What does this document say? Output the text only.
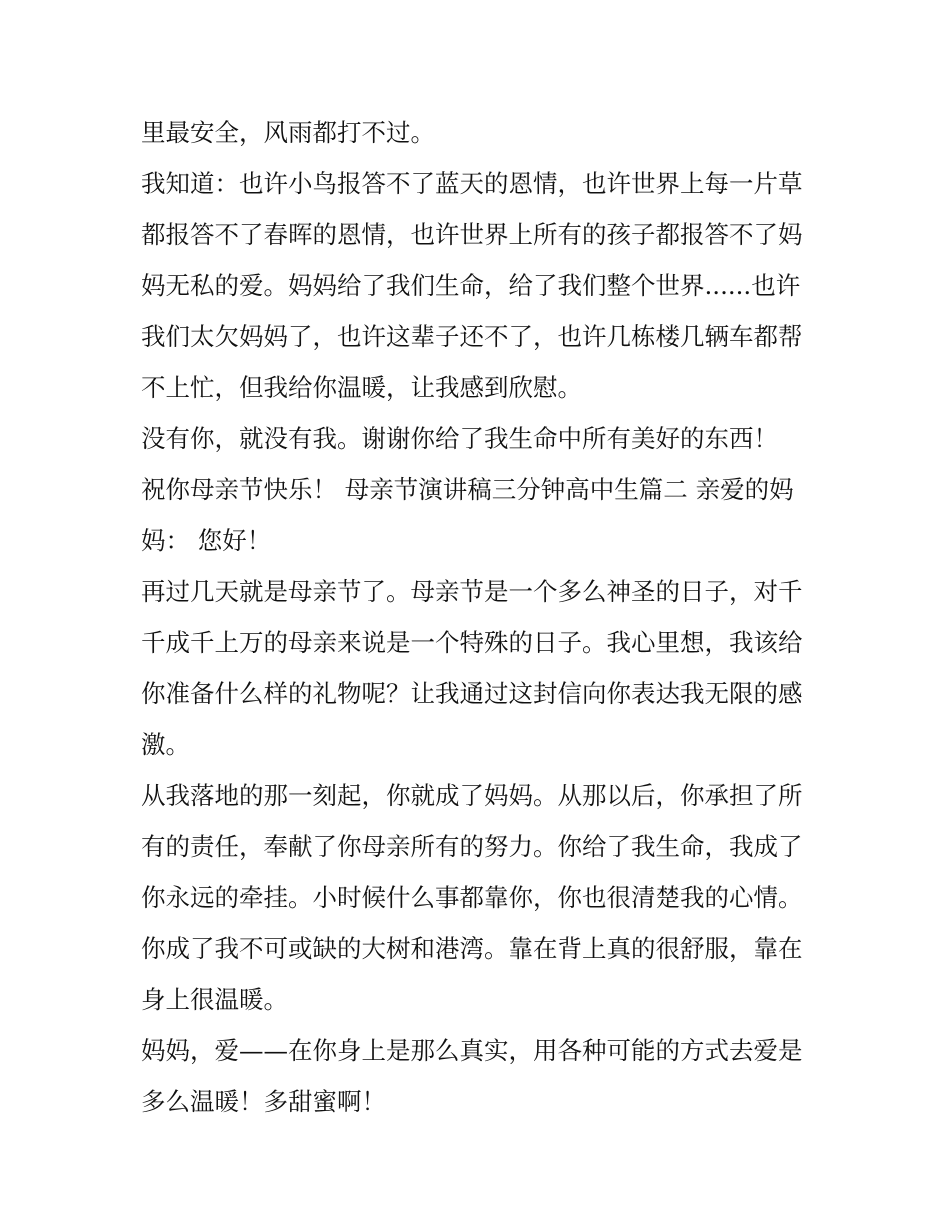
里最安全，风雨都打不过。
我知道：也许小鸟报答不了蓝天的恩情，也许世界上每一片草
都报答不了春晖的恩情，也许世界上所有的孩子都报答不了妈
妈无私的爱。妈妈给了我们生命，给了我们整个世界......也许
我们太欠妈妈了，也许这辈子还不了，也许几栋楼几辆车都帮
不上忙，但我给你温暖，让我感到欣慰。
没有你，就没有我。谢谢你给了我生命中所有美好的东西！
祝你母亲节快乐！ 母亲节演讲稿三分钟高中生篇二 亲爱的妈
妈： 您好！
再过几天就是母亲节了。母亲节是一个多么神圣的日子，对千
千成千上万的母亲来说是一个特殊的日子。我心里想，我该给
你准备什么样的礼物呢？让我通过这封信向你表达我无限的感
激。
从我落地的那一刻起，你就成了妈妈。从那以后，你承担了所
有的责任，奉献了你母亲所有的努力。你给了我生命，我成了
你永远的牵挂。小时候什么事都靠你，你也很清楚我的心情。
你成了我不可或缺的大树和港湾。靠在背上真的很舒服，靠在
身上很温暖。
妈妈，爱——在你身上是那么真实，用各种可能的方式去爱是
多么温暖！多甜蜜啊！
